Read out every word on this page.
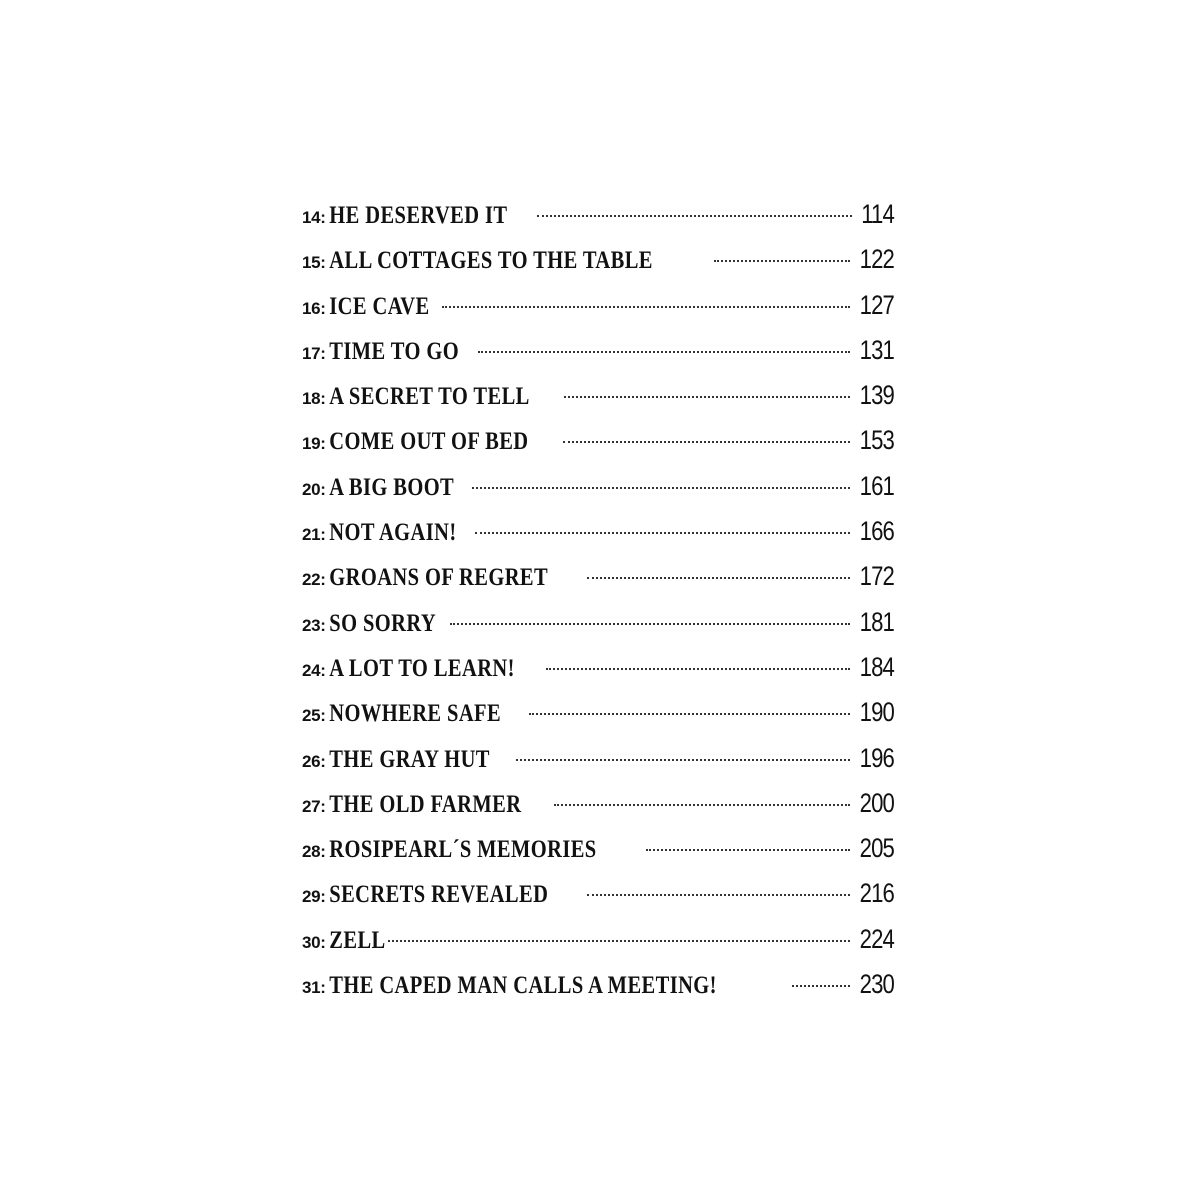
14: HE DESERVED IT	114
15: ALL COTTAGES TO THE TABLE	122
16: ICE CAVE	127
17: TIME TO GO	131
18: A SECRET TO TELL	139
19: COME OUT OF BED	153
20: A BIG BOOT	161
21: NOT AGAIN!	166
22: GROANS OF REGRET	172
23: SO SORRY	181
24: A LOT TO LEARN!	184
25: NOWHERE SAFE	190
26: THE GRAY HUT	196
27: THE OLD FARMER	200
28: ROSIPEARL´S MEMORIES	205
29: SECRETS REVEALED	216
30: ZELL	224
31: THE CAPED MAN CALLS A MEETING!	230
